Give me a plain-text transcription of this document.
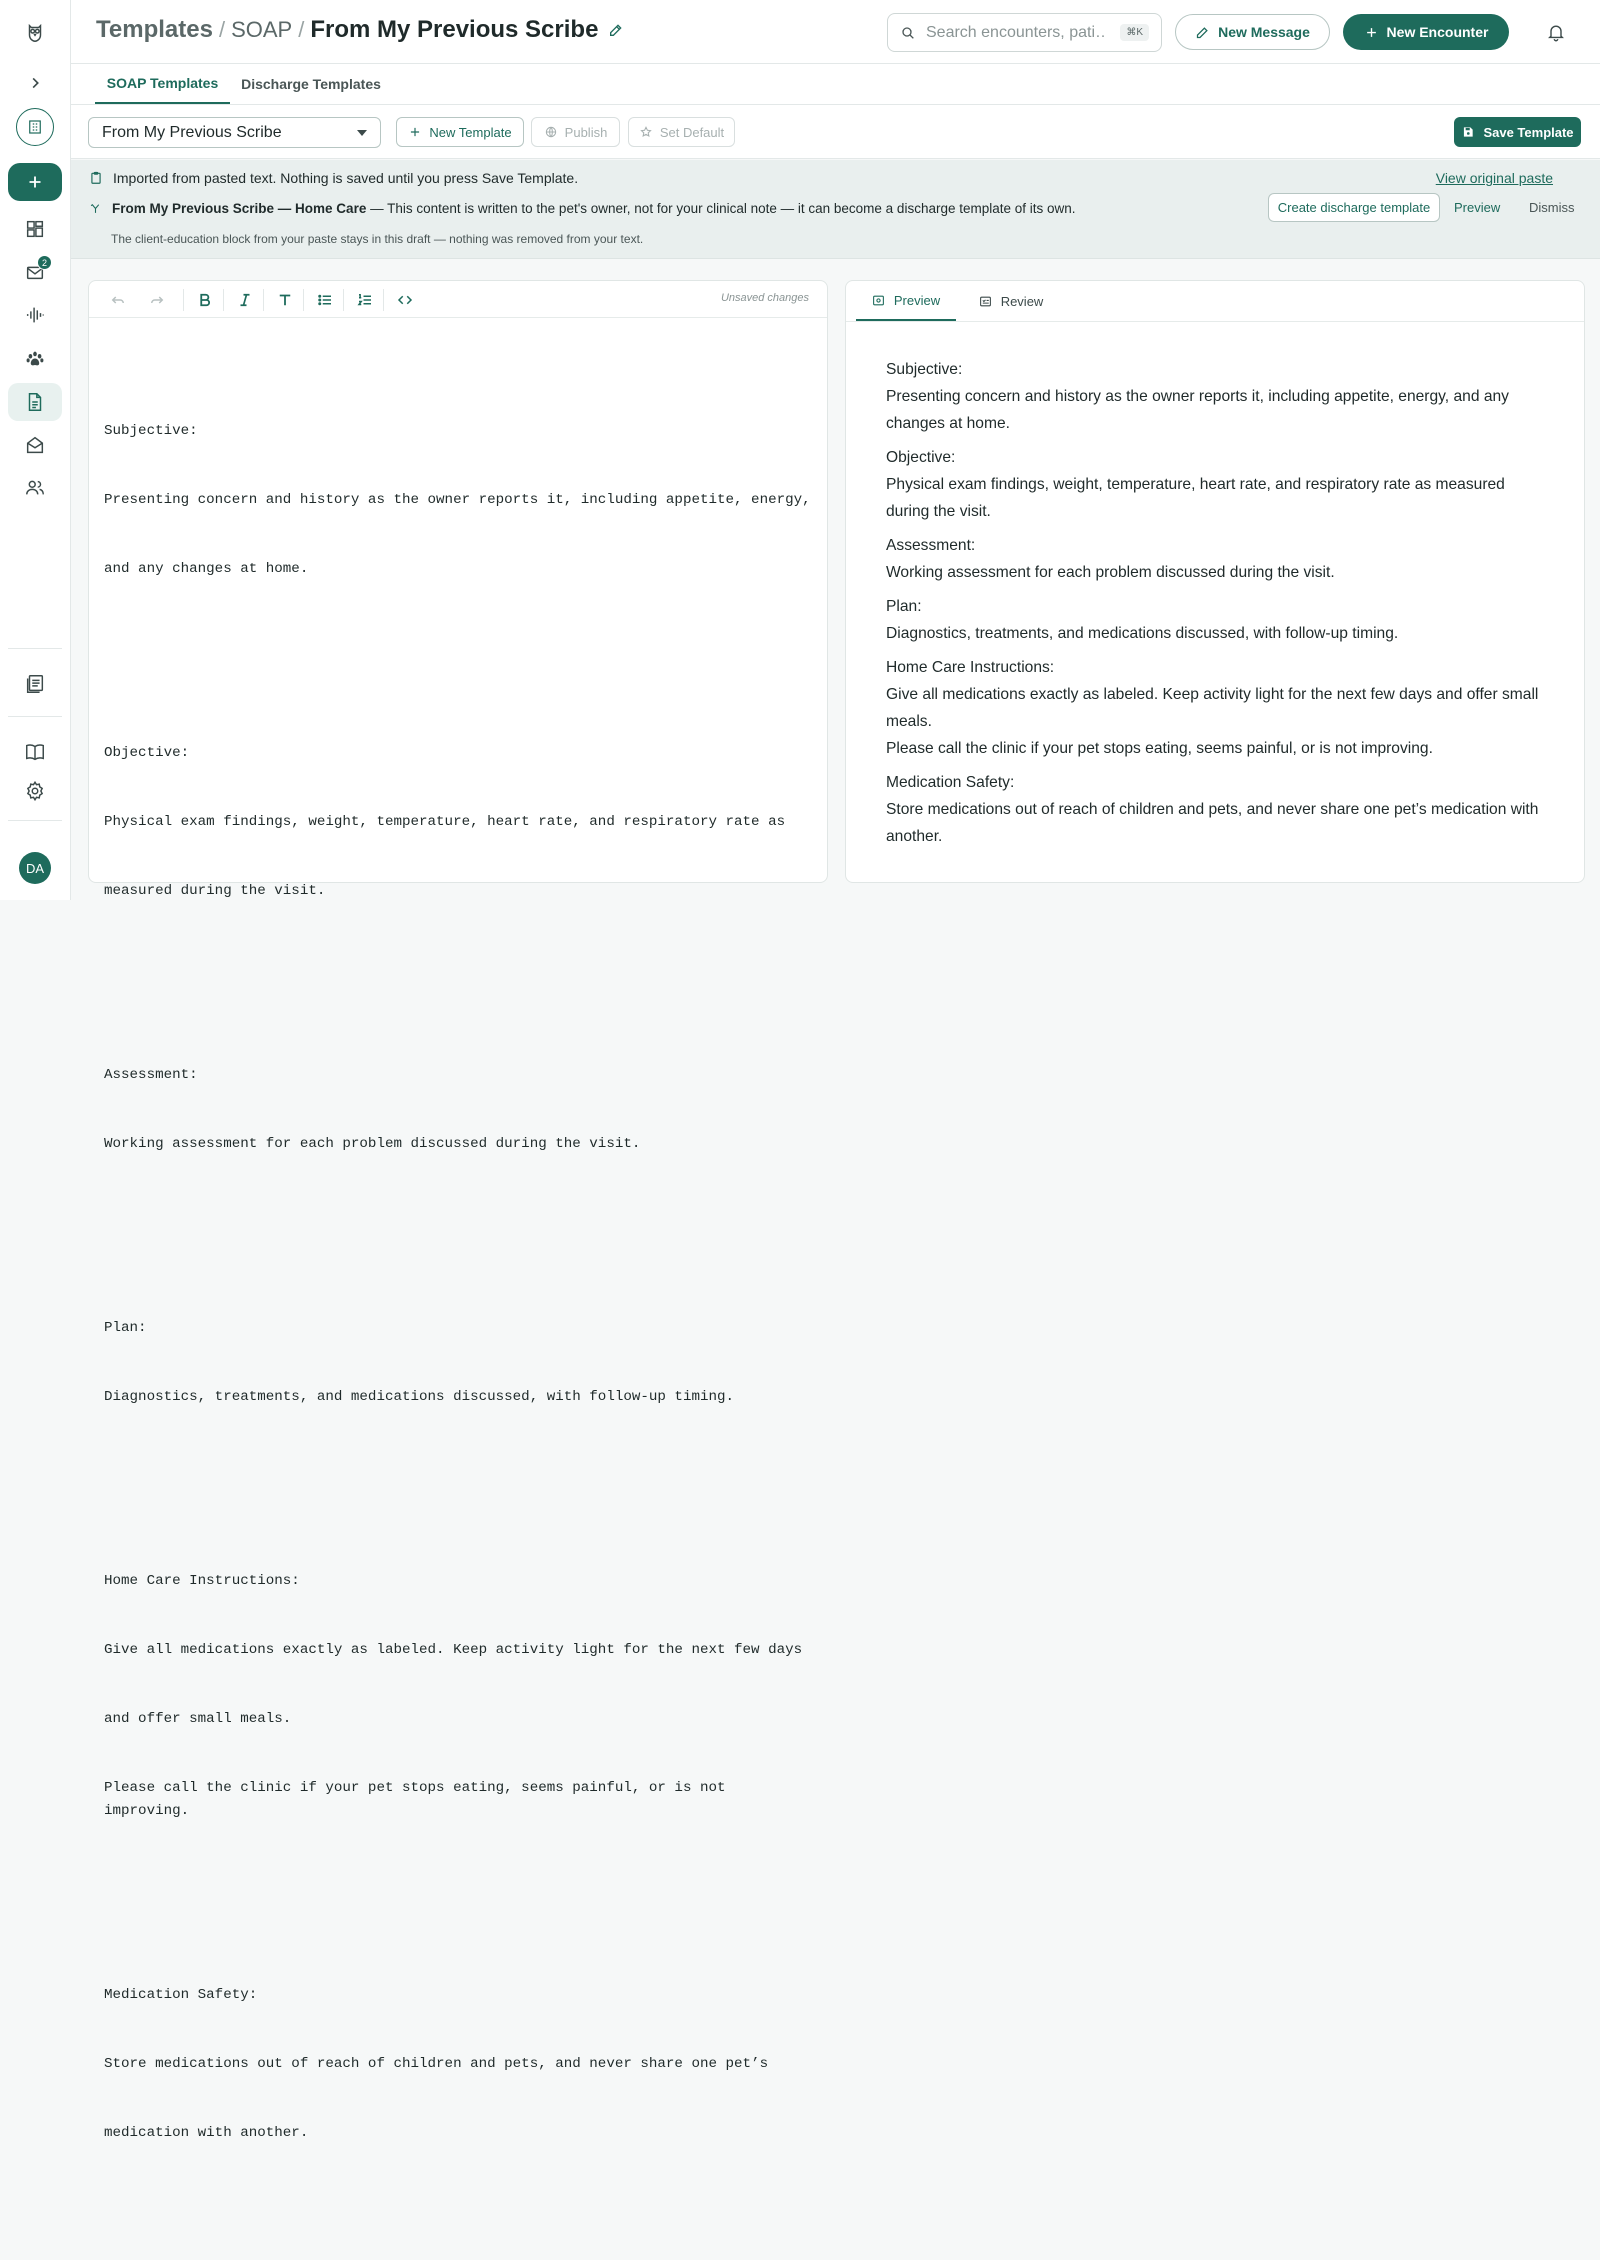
2
DA
Templates / SOAP / From My Previous Scribe
Search encounters, pati…	⌘K	New Message	New Encounter
SOAP Templates	Discharge Templates
From My Previous Scribe	New Template	Publish	Set Default	Save Template
Imported from pasted text. Nothing is saved until you press Save Template.	View original paste
From My Previous Scribe — Home Care — This content is written to the pet's owner, not for your clinical note — it can become a discharge template of its own.	Create discharge template	Preview Dismiss
The client-education block from your paste stays in this draft — nothing was removed from your text.
Unsaved changes

Subjective:

Presenting concern and history as the owner reports it, including appetite, energy,

and any changes at home.

Objective:

Physical exam findings, weight, temperature, heart rate, and respiratory rate as

measured during the visit.

Assessment:

Working assessment for each problem discussed during the visit.

Plan:

Diagnostics, treatments, and medications discussed, with follow-up timing.

Home Care Instructions:

Give all medications exactly as labeled. Keep activity light for the next few days

and offer small meals.

Please call the clinic if your pet stops eating, seems painful, or is not improving.

Medication Safety:

Store medications out of reach of children and pets, and never share one pet’s

medication with another.

Preview	Review
Subjective:
Presenting concern and history as the owner reports it, including appetite, energy, and any changes at home.
Objective:
Physical exam findings, weight, temperature, heart rate, and respiratory rate as measured during the visit.
Assessment:
Working assessment for each problem discussed during the visit.
Plan:
Diagnostics, treatments, and medications discussed, with follow-up timing.
Home Care Instructions:
Give all medications exactly as labeled. Keep activity light for the next few days and offer small meals.
Please call the clinic if your pet stops eating, seems painful, or is not improving.
Medication Safety:
Store medications out of reach of children and pets, and never share one pet’s medication with another.
